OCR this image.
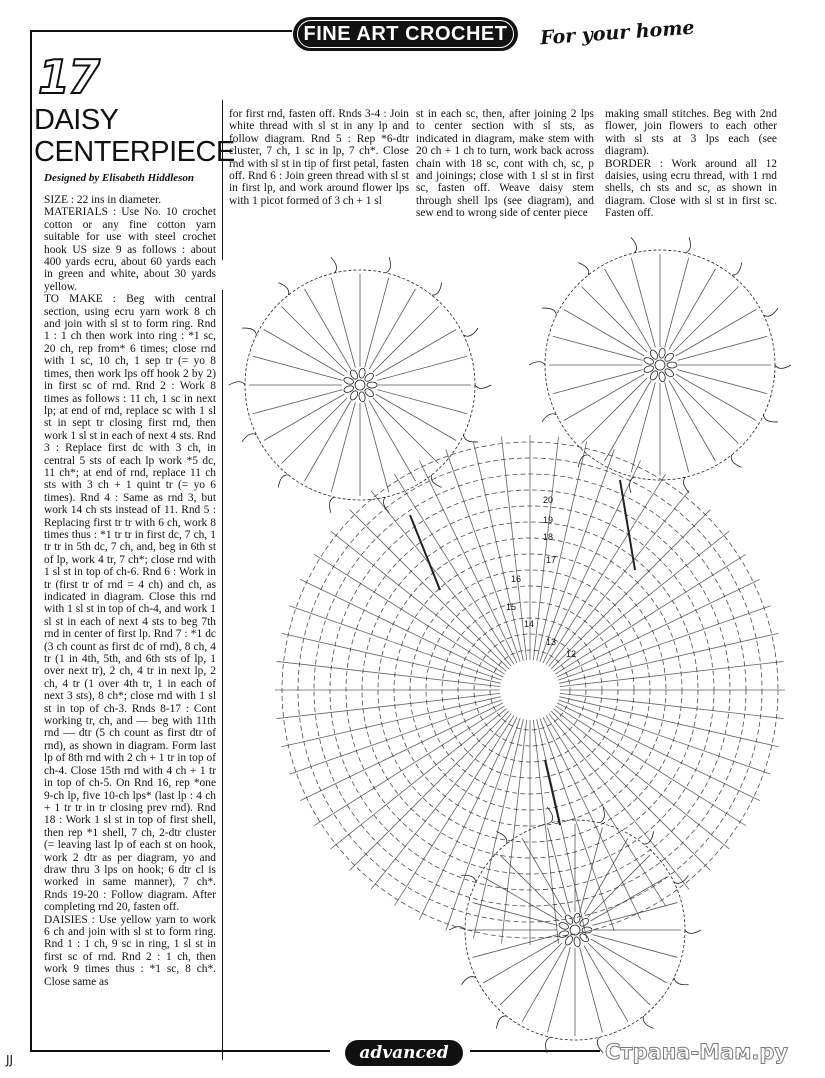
FINE ART CROCHET	For your home
17
DAISY
CENTERPIECE
Designed by Elisabeth Hiddleson

SIZE : 22 ins in diameter.

MATERIALS : Use No. 10 crochet cotton or any fine cotton yarn suitable for use with steel crochet hook US size 9 as follows : about 400 yards ecru, about 60 yards each in green and white, about 30 yards yellow.

TO MAKE : Beg with central section, using ecru yarn work 8 ch and join with sl st to form ring. Rnd 1 : 1 ch then work into ring : *1 sc, 20 ch, rep from* 6 times; close rnd with 1 sc, 10 ch, 1 sep tr (= yo 8 times, then work lps off hook 2 by 2) in first sc of rnd. Rnd 2 : Work 8 times as follows : 11 ch, 1 sc in next lp; at end of rnd, replace sc with 1 sl st in sept tr closing first rnd, then work 1 sl st in each of next 4 sts. Rnd 3 : Replace first dc with 3 ch, in central 5 sts of each lp work *5 dc, 11 ch*; at end of rnd, replace 11 ch sts with 3 ch + 1 quint tr (= yo 6 times). Rnd 4 : Same as rnd 3, but work 14 ch sts instead of 11. Rnd 5 : Replacing first tr tr with 6 ch, work 8 times thus : *1 tr tr in first dc, 7 ch, 1 tr tr in 5th dc, 7 ch, and, beg in 6th st of lp, work 4 tr, 7 ch*; close rnd with 1 sl st in top of ch-6. Rnd 6 : Work in tr (first tr of rnd = 4 ch) and ch, as indicated in diagram. Close this rnd with 1 sl st in top of ch-4, and work 1 sl st in each of next 4 sts to beg 7th rnd in center of first lp. Rnd 7 : *1 dc (3 ch count as first dc of rnd), 8 ch, 4 tr (1 in 4th, 5th, and 6th sts of lp, 1 over next tr), 2 ch, 4 tr in next lp, 2 ch, 4 tr (1 over 4th tr, 1 in each of next 3 sts), 8 ch*; close rnd with 1 sl st in top of ch-3. Rnds 8-17 : Cont working tr, ch, and — beg with 11th rnd — dtr (5 ch count as first dtr of rnd), as shown in diagram. Form last lp of 8th rnd with 2 ch + 1 tr in top of ch-4. Close 15th rnd with 4 ch + 1 tr in top of ch-5. On Rnd 16, rep *one 9-ch lp, five 10-ch lps* (last lp : 4 ch + 1 tr tr in tr closing prev rnd). Rnd 18 : Work 1 sl st in top of first shell, then rep *1 shell, 7 ch, 2-dtr cluster (= leaving last lp of each st on hook, work 2 dtr as per diagram, yo and draw thru 3 lps on hook; 6 dtr cl is worked in same manner), 7 ch*. Rnds 19-20 : Follow diagram. After completing rnd 20, fasten off.

DAISIES : Use yellow yarn to work 6 ch and join with sl st to form ring. Rnd 1 : 1 ch, 9 sc in ring, 1 sl st in first sc of rnd. Rnd 2 : 1 ch, then work 9 times thus : *1 sc, 8 ch*. Close same as

for first rnd, fasten off. Rnds 3-4 : Join white thread with sl st in any lp and follow diagram. Rnd 5 : Rep *6-dtr cluster, 7 ch, 1 sc in lp, 7 ch*. Close rnd with sl st in tip of first petal, fasten off. Rnd 6 : Join green thread with sl st in first lp, and work around flower lps with 1 picot formed of 3 ch + 1 sl

st in each sc, then, after joining 2 lps to center section with sl sts, as indicated in diagram, make stem with 20 ch + 1 ch to turn, work back across chain with 18 sc, cont with ch, sc, p and joinings; close with 1 sl st in first sc, fasten off. Weave daisy stem through shell lps (see diagram), and sew end to wrong side of center piece

making small stitches. Beg with 2nd flower, join flowers to each other with sl sts at 3 lps each (see diagram).

BORDER : Work around all 12 daisies, using ecru thread, with 1 rnd shells, ch sts and sc, as shown in diagram. Close with sl st in first sc. Fasten off.

20
19
18
17
16
15
14
13
12
JJ	advanced	Страна-Мам.ру
